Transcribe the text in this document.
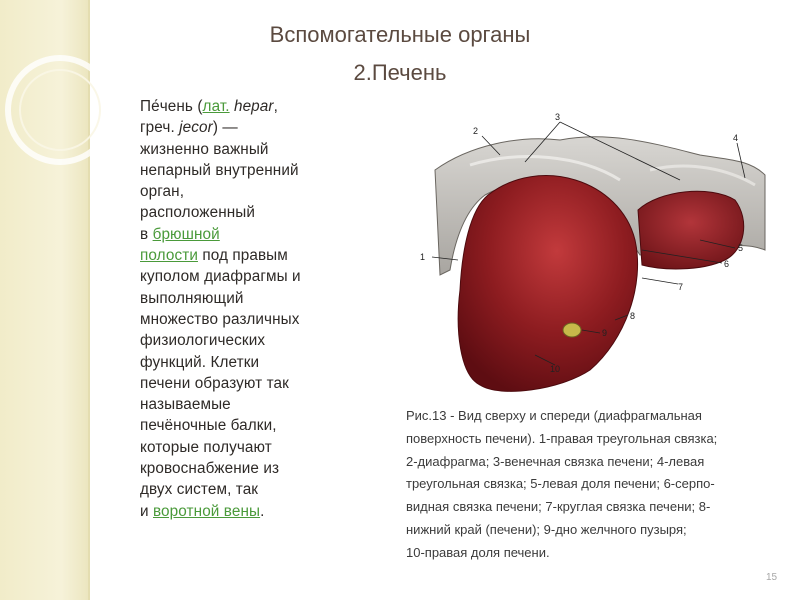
Вспомогательные органы
2.Печень
Пе́чень (лат. hepar,
греч. jecor) —
жизненно важный
непарный внутренний
орган,
расположенный
в брюшной
полости под правым
куполом диафрагмы и
выполняющий
множество различных
физиологических
функций. Клетки
печени образуют так
называемые
печёночные балки,
которые получают
кровоснабжение из
двух систем, так
и воротной вены.
1
2
3
4
5
6
7
8
9
10
Рис.13 - Вид сверху и спереди (диафрагмальная
поверхность печени). 1-правая треугольная связка;
2-диафрагма; 3-венечная связка печени; 4-левая
треугольная связка; 5-левая доля печени; 6-серпо-
видная связка печени; 7-круглая связка печени; 8-
нижний край (печени); 9-дно желчного пузыря;
10-правая доля печени.
15
